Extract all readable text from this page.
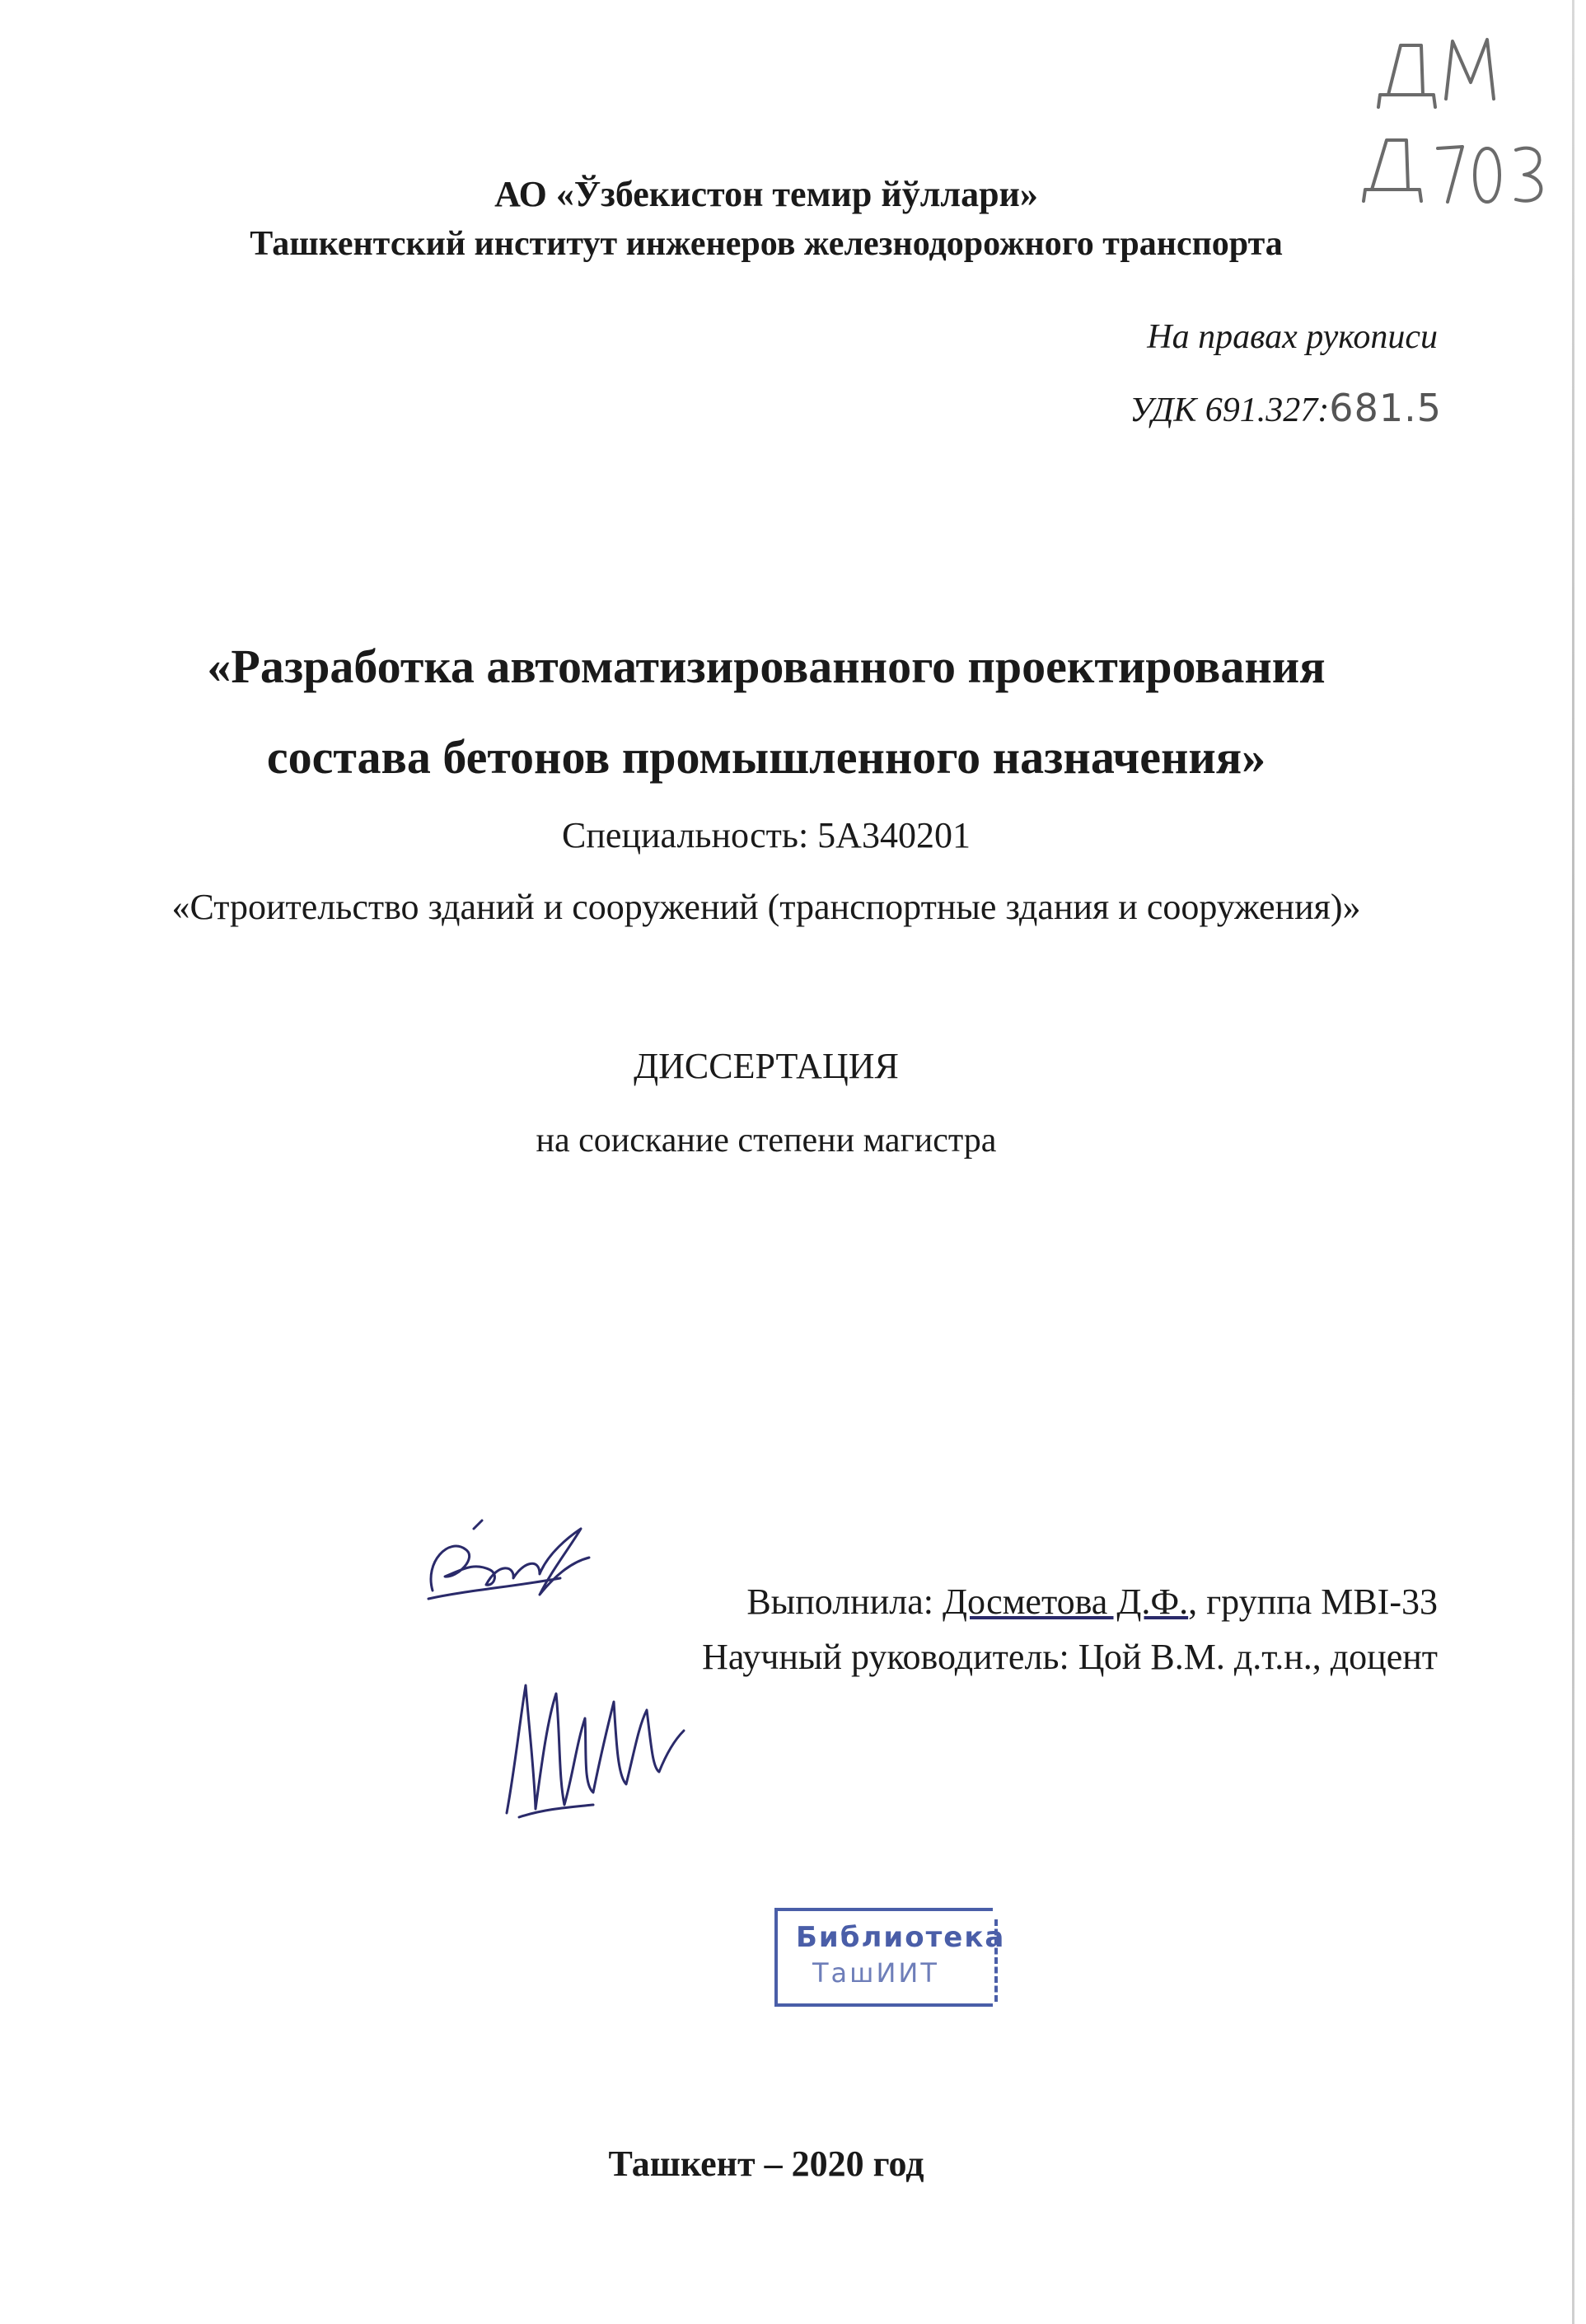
ДМ Д 703
АО «Ўзбекистон темир йўллари»
Ташкентский институт инженеров железнодорожного транспорта
На правах рукописи
УДК 691.327:681.5
«Разработка автоматизированного проектирования
состава бетонов промышленного назначения»
Специальность: 5А340201
«Строительство зданий и сооружений (транспортные здания и сооружения)»
ДИССЕРТАЦИЯ
на соискание степени магистра
Выполнила: Досметова Д.Ф., группа MBI-33
Научный руководитель: Цой В.М. д.т.н., доцент
Библиотека
ТашИИТ
Ташкент – 2020 год
